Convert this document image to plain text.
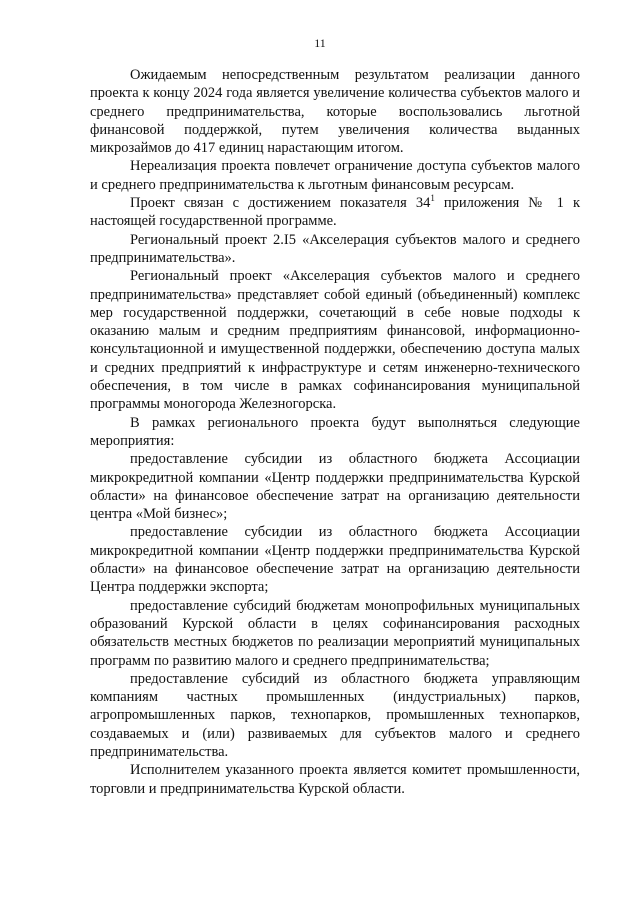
11

Ожидаемым непосредственным результатом реализации данного проекта к концу 2024 года является увеличение количества субъектов малого и среднего предпринимательства, которые воспользовались льготной финансовой поддержкой, путем увеличения количества выданных микрозаймов до 417 единиц нарастающим итогом.

Нереализация проекта повлечет ограничение доступа субъектов малого и среднего предпринимательства к льготным финансовым ресурсам.

Проект связан с достижением показателя $34^1$ приложения № 1 к настоящей государственной программе.

Региональный проект 2.I5 «Акселерация субъектов малого и среднего предпринимательства».

Региональный проект «Акселерация субъектов малого и среднего предпринимательства» представляет собой единый (объединенный) комплекс мер государственной поддержки, сочетающий в себе новые подходы к оказанию малым и средним предприятиям финансовой, информационно-консультационной и имущественной поддержки, обеспечению доступа малых и средних предприятий к инфраструктуре и сетям инженерно-технического обеспечения, в том числе в рамках софинансирования муниципальной программы моногорода Железногорска.

В рамках регионального проекта будут выполняться следующие мероприятия:

предоставление субсидии из областного бюджета Ассоциации микрокредитной компании «Центр поддержки предпринимательства Курской области» на финансовое обеспечение затрат на организацию деятельности центра «Мой бизнес»;

предоставление субсидии из областного бюджета Ассоциации микрокредитной компании «Центр поддержки предпринимательства Курской области» на финансовое обеспечение затрат на организацию деятельности Центра поддержки экспорта;

предоставление субсидий бюджетам монопрофильных муниципальных образований Курской области в целях софинансирования расходных обязательств местных бюджетов по реализации мероприятий муниципальных программ по развитию малого и среднего предпринимательства;

предоставление субсидий из областного бюджета управляющим компаниям частных промышленных (индустриальных) парков, агропромышленных парков, технопарков, промышленных технопарков, создаваемых и (или) развиваемых для субъектов малого и среднего предпринимательства.

Исполнителем указанного проекта является комитет промышленности, торговли и предпринимательства Курской области.
